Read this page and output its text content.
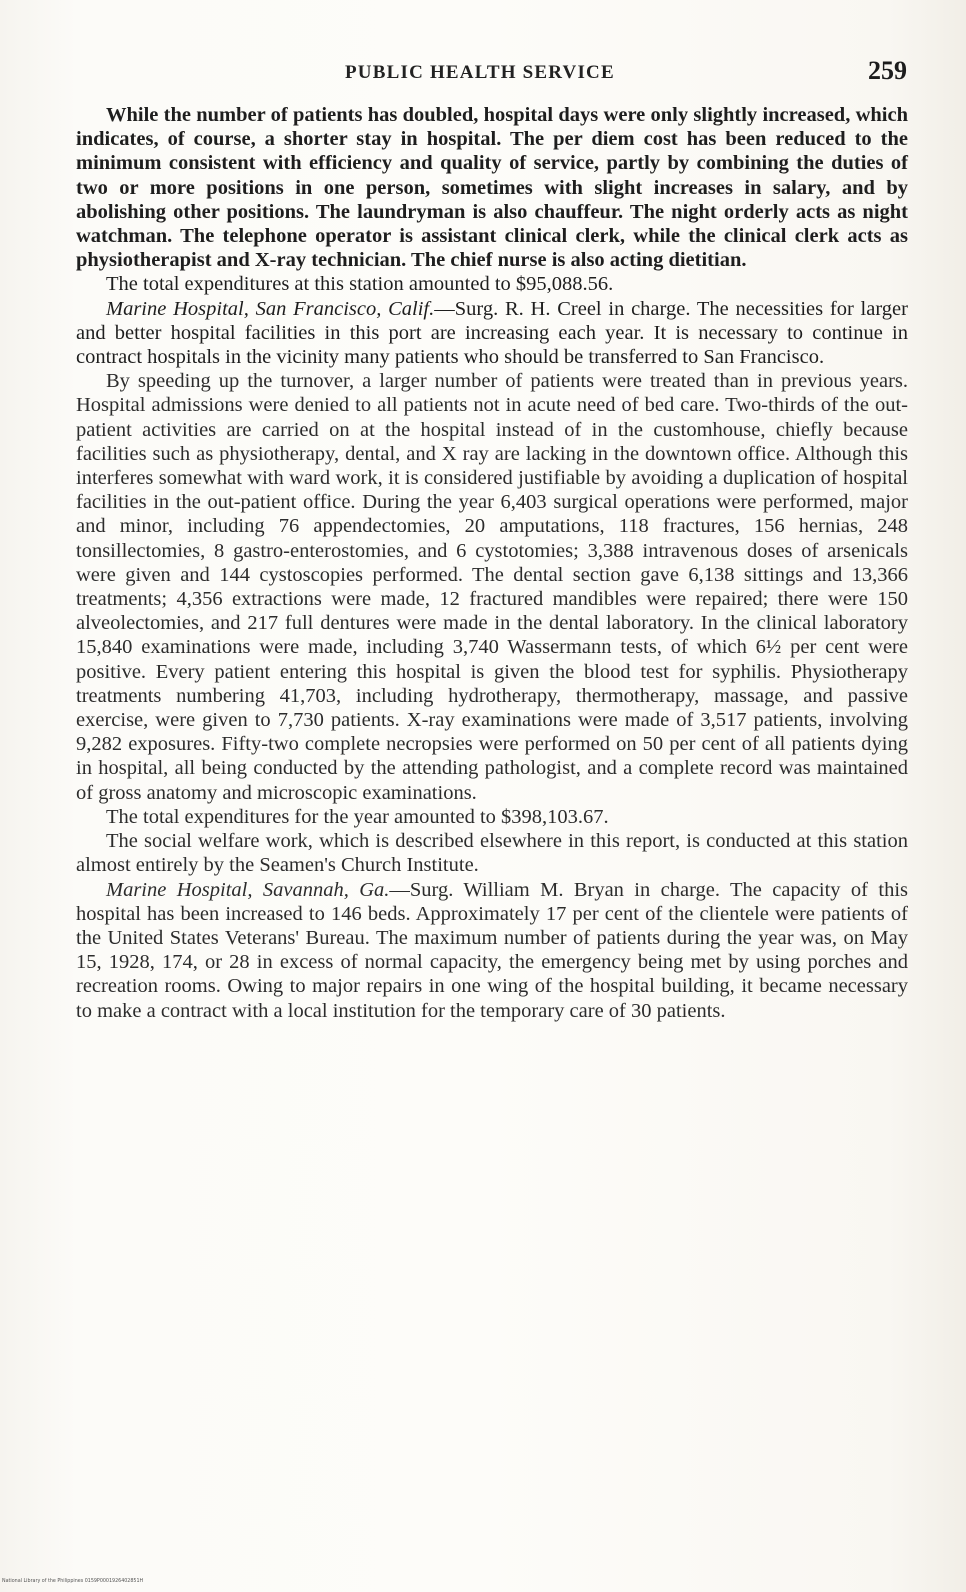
PUBLIC HEALTH SERVICE	259

While the number of patients has doubled, hospital days were only slightly increased, which indicates, of course, a shorter stay in hospital. The per diem cost has been reduced to the minimum consistent with efficiency and quality of service, partly by combining the duties of two or more positions in one person, sometimes with slight increases in salary, and by abolishing other positions. The laundryman is also chauffeur. The night orderly acts as night watchman. The telephone operator is assistant clinical clerk, while the clinical clerk acts as physiotherapist and X-ray technician. The chief nurse is also acting dietitian.

The total expenditures at this station amounted to $95,088.56.

Marine Hospital, San Francisco, Calif.—Surg. R. H. Creel in charge. The necessities for larger and better hospital facilities in this port are increasing each year. It is necessary to continue in contract hospitals in the vicinity many patients who should be transferred to San Francisco.

By speeding up the turnover, a larger number of patients were treated than in previous years. Hospital admissions were denied to all patients not in acute need of bed care. Two-thirds of the out-patient activities are carried on at the hospital instead of in the customhouse, chiefly because facilities such as physiotherapy, dental, and X ray are lacking in the downtown office. Although this interferes somewhat with ward work, it is considered justifiable by avoiding a duplication of hospital facilities in the out-patient office. During the year 6,403 surgical operations were performed, major and minor, including 76 appendectomies, 20 amputations, 118 fractures, 156 hernias, 248 tonsillectomies, 8 gastro-enterostomies, and 6 cystotomies; 3,388 intravenous doses of arsenicals were given and 144 cystoscopies performed. The dental section gave 6,138 sittings and 13,366 treatments; 4,356 extractions were made, 12 fractured mandibles were repaired; there were 150 alveolectomies, and 217 full dentures were made in the dental laboratory. In the clinical laboratory 15,840 examinations were made, including 3,740 Wassermann tests, of which 6½ per cent were positive. Every patient entering this hospital is given the blood test for syphilis. Physiotherapy treatments numbering 41,703, including hydrotherapy, thermotherapy, massage, and passive exercise, were given to 7,730 patients. X-ray examinations were made of 3,517 patients, involving 9,282 exposures. Fifty-two complete necropsies were performed on 50 per cent of all patients dying in hospital, all being conducted by the attending pathologist, and a complete record was maintained of gross anatomy and microscopic examinations.

The total expenditures for the year amounted to $398,103.67.

The social welfare work, which is described elsewhere in this report, is conducted at this station almost entirely by the Seamen's Church Institute.

Marine Hospital, Savannah, Ga.—Surg. William M. Bryan in charge. The capacity of this hospital has been increased to 146 beds. Approximately 17 per cent of the clientele were patients of the United States Veterans' Bureau. The maximum number of patients during the year was, on May 15, 1928, 174, or 28 in excess of normal capacity, the emergency being met by using porches and recreation rooms. Owing to major repairs in one wing of the hospital building, it became necessary to make a contract with a local institution for the temporary care of 30 patients.

National Library of the Philippines 0159P0001926402851H
